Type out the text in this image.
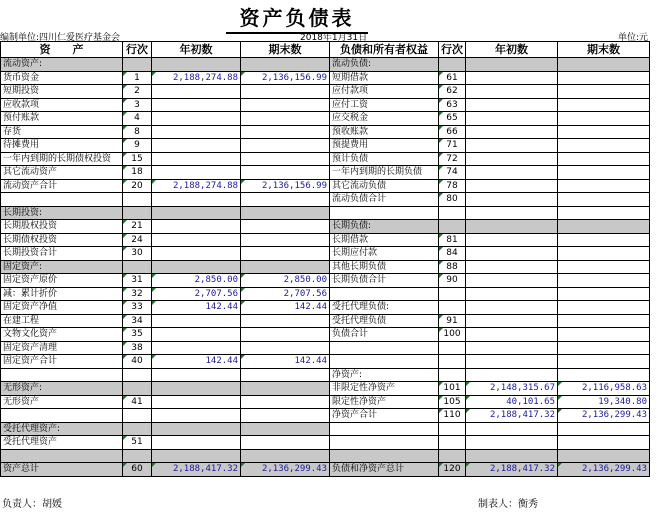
资产负债表
编制单位:四川仁爱医疗基金会	2018年1月31日	单位:元
资　　产	行次	年初数	期末数	负债和所有者权益	行次	年初数	期末数
流动资产:				流动负债:			
货币资金	1	2,188,274.88	2,136,156.99	短期借款	61		
短期投资	2			应付款项	62		
应收款项	3			应付工资	63		
预付账款	4			应交税金	65		
存货	8			预收账款	66		
待摊费用	9			预提费用	71		
一年内到期的长期债权投资	15			预计负债	72		
其它流动资产	18			一年内到期的长期负债	74		
流动资产合计	20	2,188,274.88	2,136,156.99	其它流动负债	78		
				流动负债合计	80		
长期投资:							
长期股权投资	21			长期负债:			
长期债权投资	24			长期借款	81		
长期投资合计	30			长期应付款	84		
固定资产:				其他长期负债	88		
固定资产原价	31	2,850.00	2,850.00	长期负债合计	90		
减：累计折价	32	2,707.56	2,707.56				
固定资产净值	33	142.44	142.44	受托代理负债:			
在建工程	34			受托代理负债	91		
文物文化资产	35			负债合计	100		
固定资产清理	38						
固定资产合计	40	142.44	142.44				
				净资产:			
无形资产:				非限定性净资产	101	2,148,315.67	2,116,958.63
无形资产	41			限定性净资产	105	40,101.65	19,340.80
				净资产合计	110	2,188,417.32	2,136,299.43
受托代理资产:							
受托代理资产	51						

资产总计	60	2,188,417.32	2,136,299.43	负债和净资产总计	120	2,188,417.32	2,136,299.43
负责人：胡媛	制表人：衡秀
